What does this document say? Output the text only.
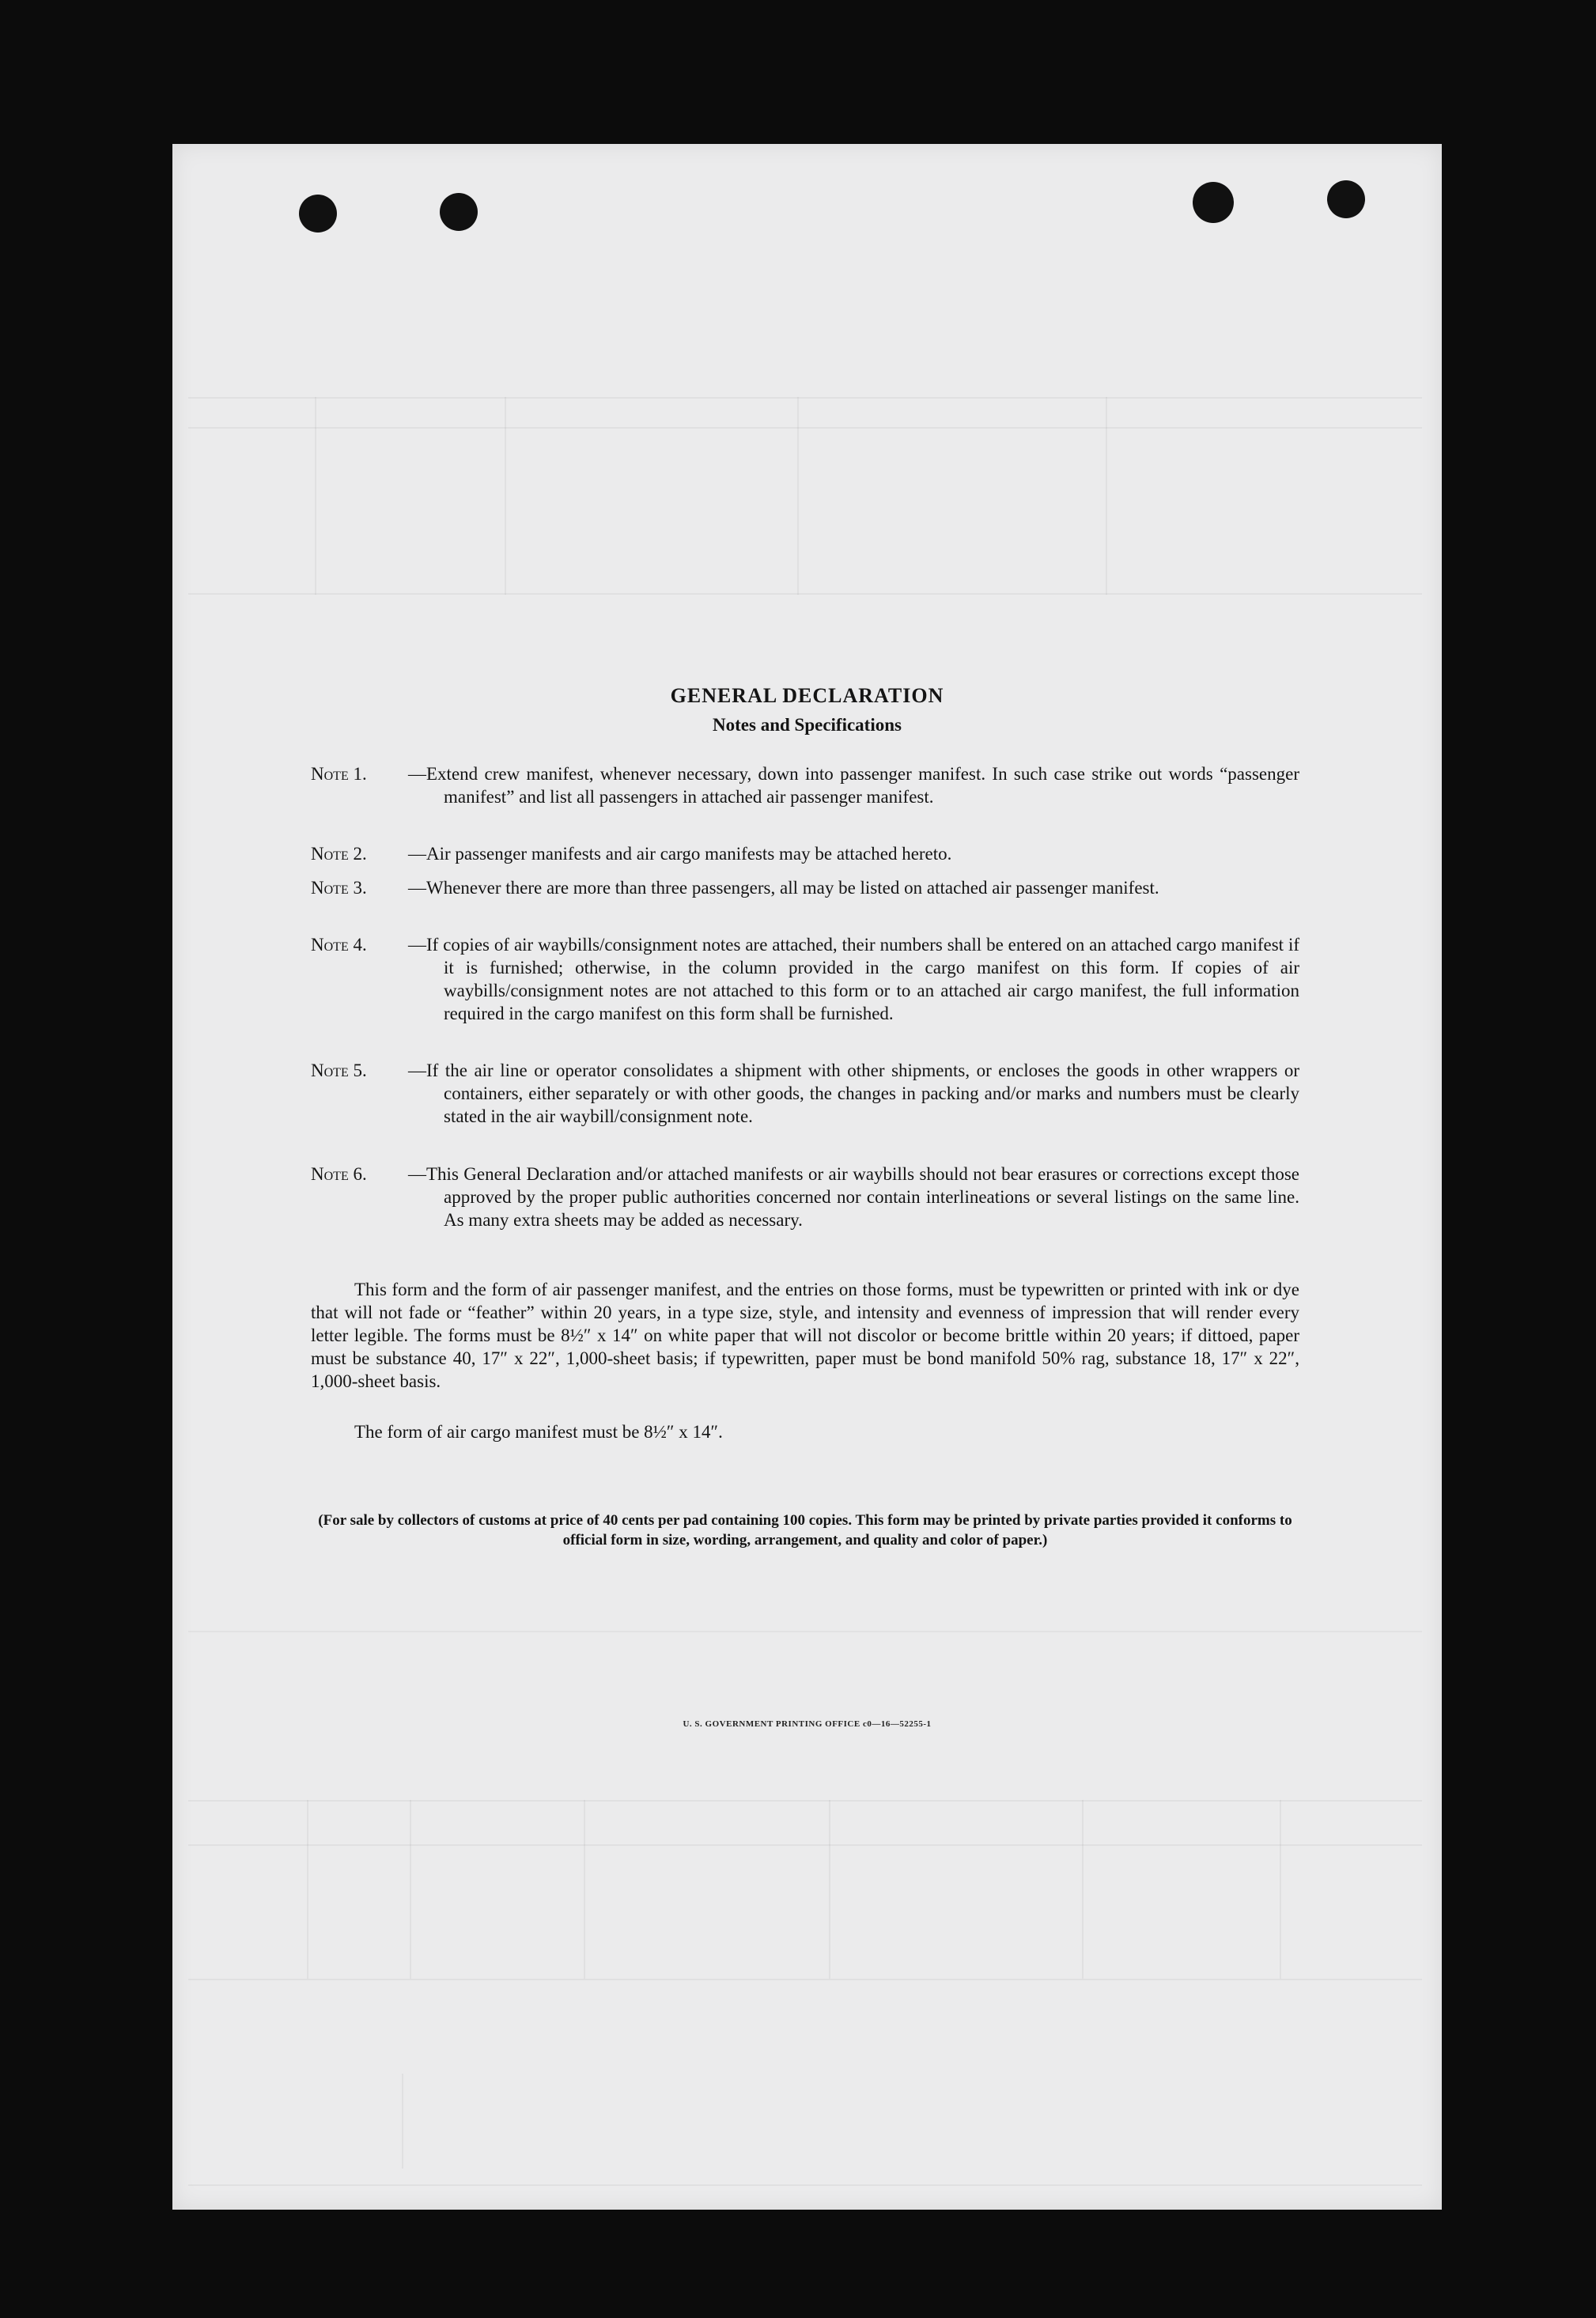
GENERAL DECLARATION
Notes and Specifications
Note 1. —Extend crew manifest, whenever necessary, down into passenger manifest. In such case strike out words “passenger manifest” and list all passengers in attached air passenger manifest.
Note 2. —Air passenger manifests and air cargo manifests may be attached hereto.
Note 3. —Whenever there are more than three passengers, all may be listed on attached air passenger manifest.
Note 4. —If copies of air waybills/consignment notes are attached, their numbers shall be entered on an attached cargo manifest if it is furnished; otherwise, in the column provided in the cargo manifest on this form. If copies of air waybills/consignment notes are not attached to this form or to an attached air cargo manifest, the full information required in the cargo manifest on this form shall be furnished.
Note 5. —If the air line or operator consolidates a shipment with other shipments, or encloses the goods in other wrappers or containers, either separately or with other goods, the changes in packing and/or marks and numbers must be clearly stated in the air waybill/consignment note.
Note 6. —This General Declaration and/or attached manifests or air waybills should not bear erasures or corrections except those approved by the proper public authorities concerned nor contain interlineations or several listings on the same line. As many extra sheets may be added as necessary.
This form and the form of air passenger manifest, and the entries on those forms, must be typewritten or printed with ink or dye that will not fade or “feather” within 20 years, in a type size, style, and intensity and evenness of impression that will render every letter legible. The forms must be 8½″ x 14″ on white paper that will not discolor or become brittle within 20 years; if dittoed, paper must be substance 40, 17″ x 22″, 1,000-sheet basis; if typewritten, paper must be bond manifold 50% rag, substance 18, 17″ x 22″, 1,000-sheet basis.
The form of air cargo manifest must be 8½″ x 14″.
(For sale by collectors of customs at price of 40 cents per pad containing 100 copies. This form may be printed by private parties provided it conforms to official form in size, wording, arrangement, and quality and color of paper.)
U. S. GOVERNMENT PRINTING OFFICE c0—16—52255-1
